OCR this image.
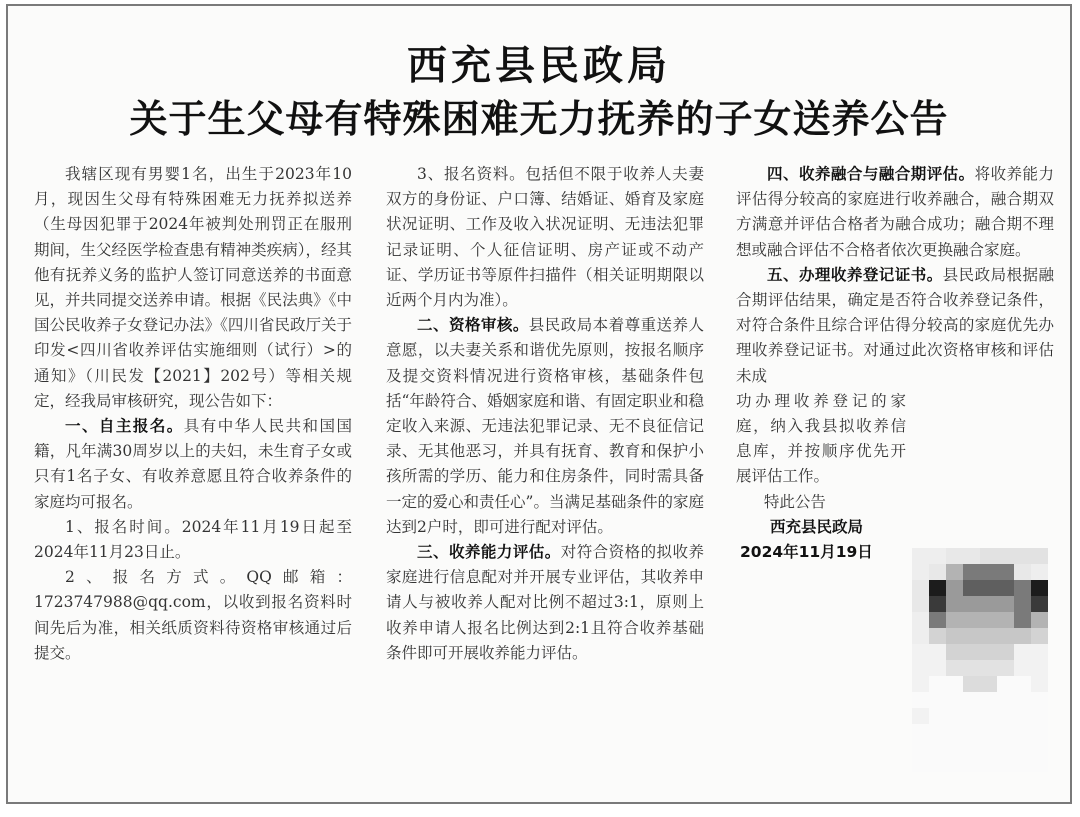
西充县民政局
关于生父母有特殊困难无力抚养的子女送养公告

我辖区现有男婴1名，出生于2023年10月，现因生父母有特殊困难无力抚养拟送养（生母因犯罪于2024年被判处刑罚正在服刑期间，生父经医学检查患有精神类疾病），经其他有抚养义务的监护人签订同意送养的书面意见，并共同提交送养申请。根据《民法典》《中国公民收养子女登记办法》《四川省民政厅关于印发<四川省收养评估实施细则（试行）>的通知》（川民发【2021】202号）等相关规定，经我局审核研究，现公告如下：

一、自主报名。具有中华人民共和国国籍，凡年满30周岁以上的夫妇，未生育子女或只有1名子女、有收养意愿且符合收养条件的家庭均可报名。

1、报名时间。2024年11月19日起至2024年11月23日止。

2、报名方式。QQ邮箱：1723747988@qq.com，以收到报名资料时间先后为准，相关纸质资料待资格审核通过后提交。

3、报名资料。包括但不限于收养人夫妻双方的身份证、户口簿、结婚证、婚育及家庭状况证明、工作及收入状况证明、无违法犯罪记录证明、个人征信证明、房产证或不动产证、学历证书等原件扫描件（相关证明期限以近两个月内为准）。

二、资格审核。县民政局本着尊重送养人意愿，以夫妻关系和谐优先原则，按报名顺序及提交资料情况进行资格审核，基础条件包括“年龄符合、婚姻家庭和谐、有固定职业和稳定收入来源、无违法犯罪记录、无不良征信记录、无其他恶习，并具有抚育、教育和保护小孩所需的学历、能力和住房条件，同时需具备一定的爱心和责任心”。当满足基础条件的家庭达到2户时，即可进行配对评估。

三、收养能力评估。对符合资格的拟收养家庭进行信息配对并开展专业评估，其收养申请人与被收养人配对比例不超过3:1，原则上收养申请人报名比例达到2:1且符合收养基础条件即可开展收养能力评估。

四、收养融合与融合期评估。将收养能力评估得分较高的家庭进行收养融合，融合期双方满意并评估合格者为融合成功；融合期不理想或融合评估不合格者依次更换融合家庭。

五、办理收养登记证书。县民政局根据融合期评估结果，确定是否符合收养登记条件，对符合条件且综合评估得分较高的家庭优先办理收养登记证书。对通过此次资格审核和评估未成

功办理收养登记的家庭，纳入我县拟收养信息库，并按顺序优先开展评估工作。

特此公告

西充县民政局

2024年11月19日
